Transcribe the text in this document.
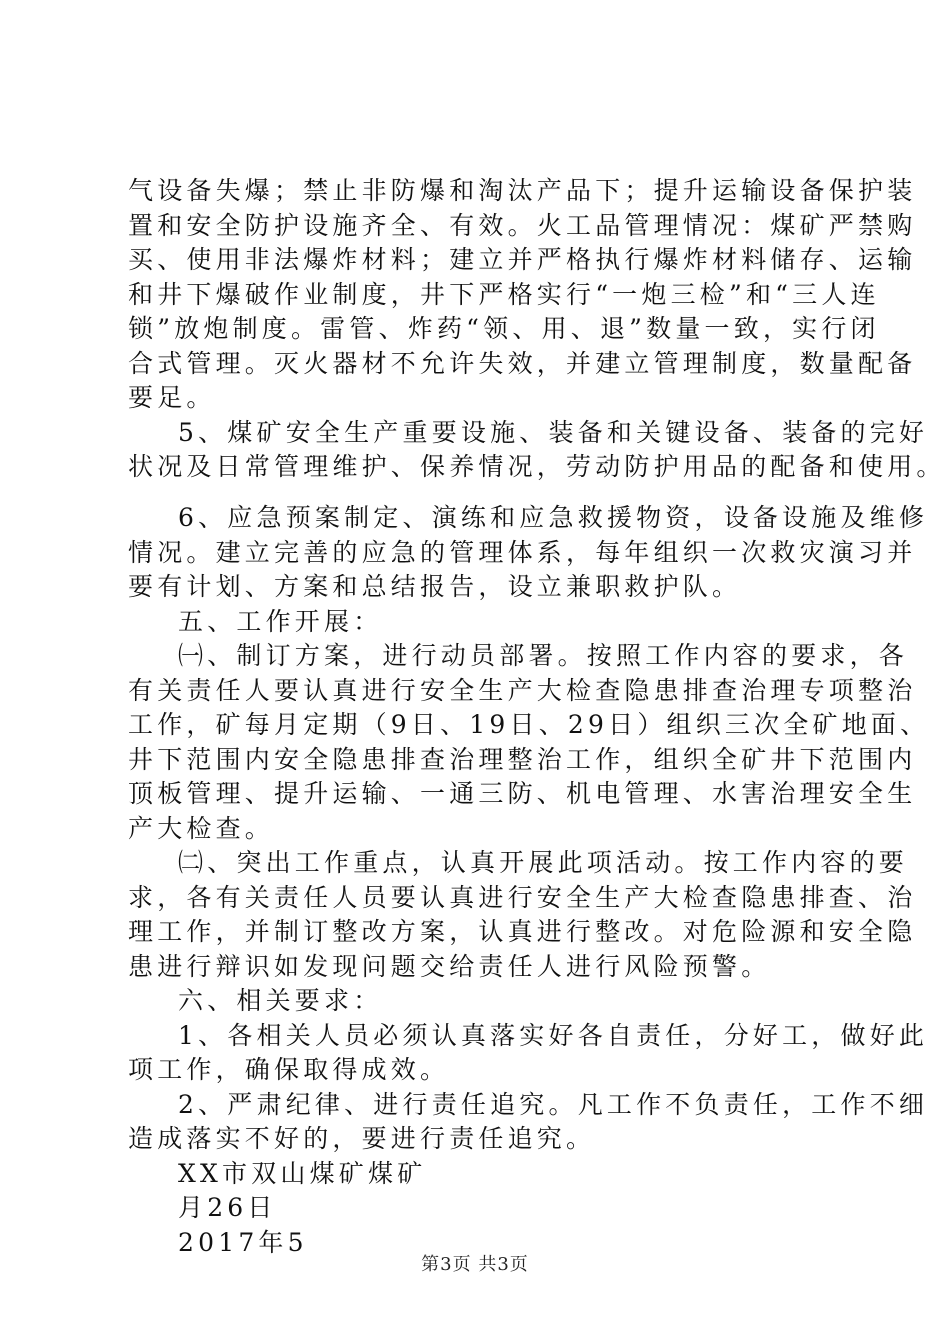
气设备失爆；禁止非防爆和淘汰产品下；提升运输设备保护装
置和安全防护设施齐全、有效。火工品管理情况：煤矿严禁购
买、使用非法爆炸材料；建立并严格执行爆炸材料储存、运输
和井下爆破作业制度，井下严格实行“一炮三检”和“三人连
锁”放炮制度。雷管、炸药“领、用、退”数量一致，实行闭
合式管理。灭火器材不允许失效，并建立管理制度，数量配备
要足。
5、煤矿安全生产重要设施、装备和关键设备、装备的完好
状况及日常管理维护、保养情况，劳动防护用品的配备和使用。
6、应急预案制定、演练和应急救援物资，设备设施及维修
情况。建立完善的应急的管理体系，每年组织一次救灾演习并
要有计划、方案和总结报告，设立兼职救护队。
五、工作开展：
㈠、制订方案，进行动员部署。按照工作内容的要求，各
有关责任人要认真进行安全生产大检查隐患排查治理专项整治
工作，矿每月定期（9日、19日、29日）组织三次全矿地面、
井下范围内安全隐患排查治理整治工作，组织全矿井下范围内
顶板管理、提升运输、一通三防、机电管理、水害治理安全生
产大检查。
㈡、突出工作重点，认真开展此项活动。按工作内容的要
求，各有关责任人员要认真进行安全生产大检查隐患排查、治
理工作，并制订整改方案，认真进行整改。对危险源和安全隐
患进行辩识如发现问题交给责任人进行风险预警。
六、相关要求：
1、各相关人员必须认真落实好各自责任，分好工，做好此
项工作，确保取得成效。
2、严肃纪律、进行责任追究。凡工作不负责任，工作不细
造成落实不好的，要进行责任追究。
XX市双山煤矿煤矿
月26日
2017年5
第3页 共3页
